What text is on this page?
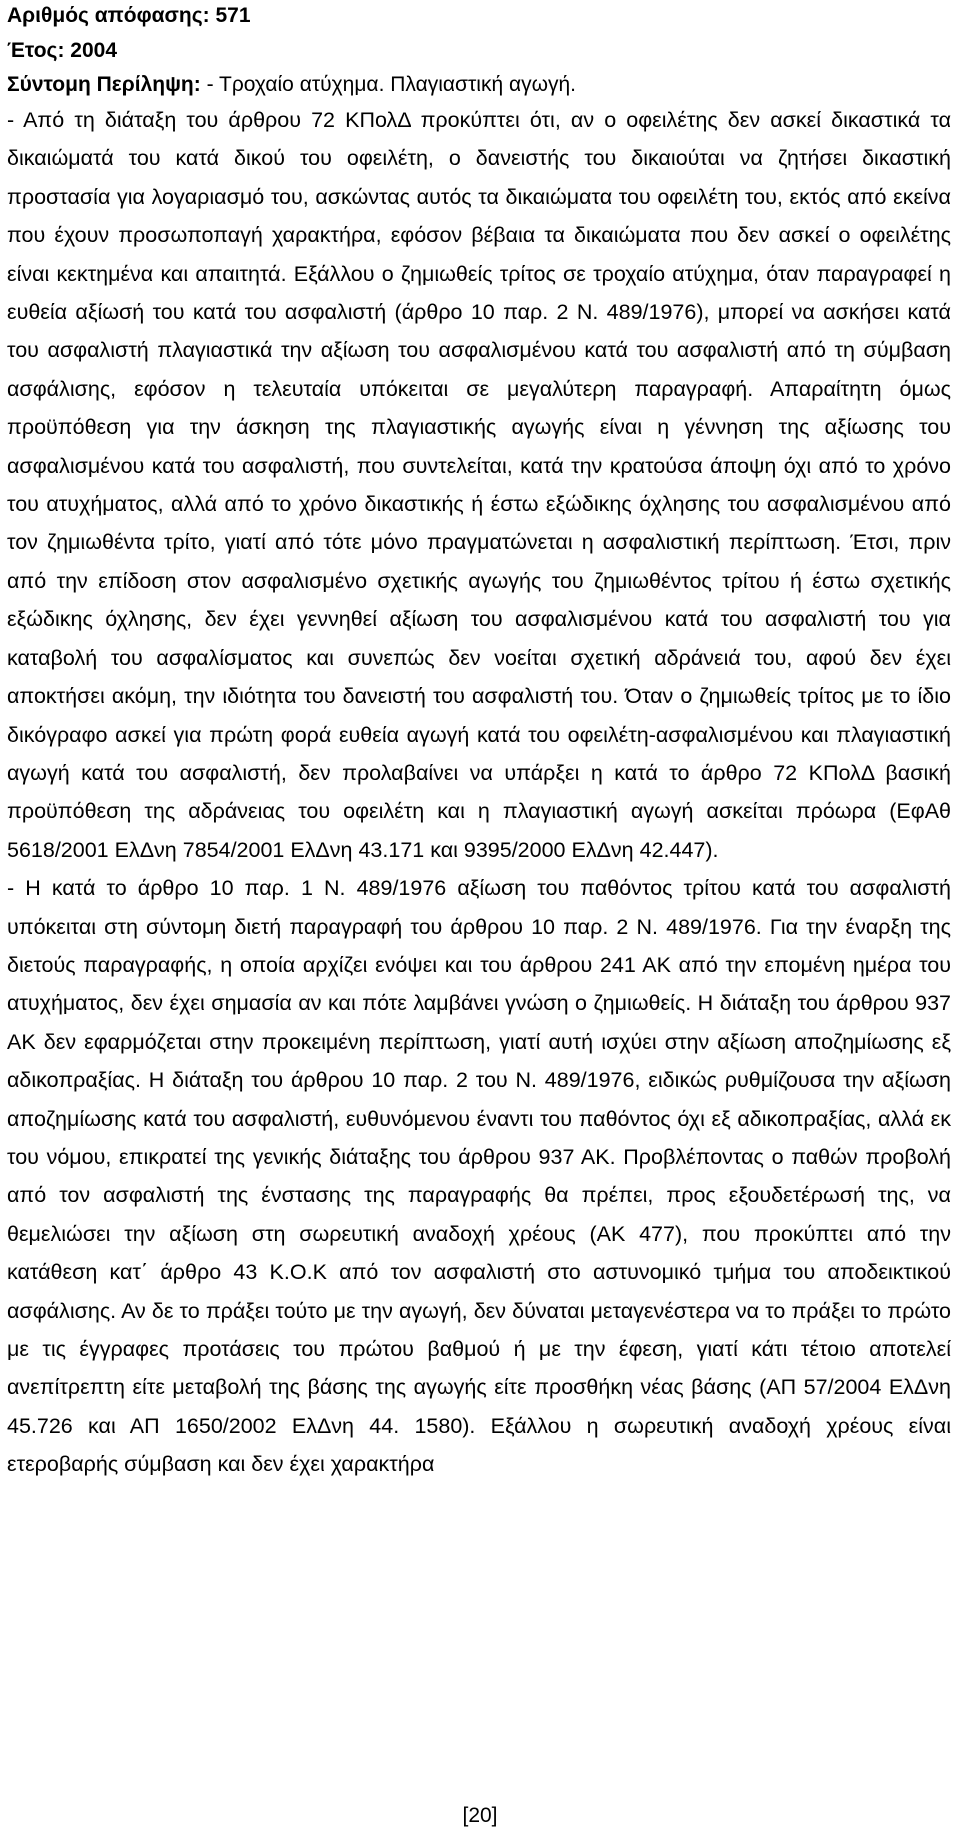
Αριθμός απόφασης: 571
Έτος: 2004
Σύντομη Περίληψη: - Τροχαίο ατύχημα. Πλαγιαστική αγωγή.

- Από τη διάταξη του άρθρου 72 ΚΠολΔ προκύπτει ότι, αν ο οφειλέτης δεν ασκεί δικαστικά τα δικαιώματά του κατά δικού του οφειλέτη, ο δανειστής του δικαιούται να ζητήσει δικαστική προστασία για λογαριασμό του, ασκώντας αυτός τα δικαιώματα του οφειλέτη του, εκτός από εκείνα που έχουν προσωποπαγή χαρακτήρα, εφόσον βέβαια τα δικαιώματα που δεν ασκεί ο οφειλέτης είναι κεκτημένα και απαιτητά. Εξάλλου ο ζημιωθείς τρίτος σε τροχαίο ατύχημα, όταν παραγραφεί η ευθεία αξίωσή του κατά του ασφαλιστή (άρθρο 10 παρ. 2 Ν. 489/1976), μπορεί να ασκήσει κατά του ασφαλιστή πλαγιαστικά την αξίωση του ασφαλισμένου κατά του ασφαλιστή από τη σύμβαση ασφάλισης, εφόσον η τελευταία υπόκειται σε μεγαλύτερη παραγραφή. Απαραίτητη όμως προϋπόθεση για την άσκηση της πλαγιαστικής αγωγής είναι η γέννηση της αξίωσης του ασφαλισμένου κατά του ασφαλιστή, που συντελείται, κατά την κρατούσα άποψη όχι από το χρόνο του ατυχήματος, αλλά από το χρόνο δικαστικής ή έστω εξώδικης όχλησης του ασφαλισμένου από τον ζημιωθέντα τρίτο, γιατί από τότε μόνο πραγματώνεται η ασφαλιστική περίπτωση. Έτσι, πριν από την επίδοση στον ασφαλισμένο σχετικής αγωγής του ζημιωθέντος τρίτου ή έστω σχετικής εξώδικης όχλησης, δεν έχει γεννηθεί αξίωση του ασφαλισμένου κατά του ασφαλιστή του για καταβολή του ασφαλίσματος και συνεπώς δεν νοείται σχετική αδράνειά του, αφού δεν έχει αποκτήσει ακόμη, την ιδιότητα του δανειστή του ασφαλιστή του. Όταν ο ζημιωθείς τρίτος με το ίδιο δικόγραφο ασκεί για πρώτη φορά ευθεία αγωγή κατά του οφειλέτη-ασφαλισμένου και πλαγιαστική αγωγή κατά του ασφαλιστή, δεν προλαβαίνει να υπάρξει η κατά το άρθρο 72 ΚΠολΔ βασική προϋπόθεση της αδράνειας του οφειλέτη και η πλαγιαστική αγωγή ασκείται πρόωρα (ΕφΑθ 5618/2001 ΕλΔνη 7854/2001 ΕλΔνη 43.171 και 9395/2000 ΕλΔνη 42.447).

- Η κατά το άρθρο 10 παρ. 1 Ν. 489/1976 αξίωση του παθόντος τρίτου κατά του ασφαλιστή υπόκειται στη σύντομη διετή παραγραφή του άρθρου 10 παρ. 2 Ν. 489/1976. Για την έναρξη της διετούς παραγραφής, η οποία αρχίζει ενόψει και του άρθρου 241 ΑΚ από την επομένη ημέρα του ατυχήματος, δεν έχει σημασία αν και πότε λαμβάνει γνώση ο ζημιωθείς. Η διάταξη του άρθρου 937 ΑΚ δεν εφαρμόζεται στην προκειμένη περίπτωση, γιατί αυτή ισχύει στην αξίωση αποζημίωσης εξ αδικοπραξίας. Η διάταξη του άρθρου 10 παρ. 2 του Ν. 489/1976, ειδικώς ρυθμίζουσα την αξίωση αποζημίωσης κατά του ασφαλιστή, ευθυνόμενου έναντι του παθόντος όχι εξ αδικοπραξίας, αλλά εκ του νόμου, επικρατεί της γενικής διάταξης του άρθρου 937 ΑΚ. Προβλέποντας ο παθών προβολή από τον ασφαλιστή της ένστασης της παραγραφής θα πρέπει, προς εξουδετέρωσή της, να θεμελιώσει την αξίωση στη σωρευτική αναδοχή χρέους (ΑΚ 477), που προκύπτει από την κατάθεση κατ΄ άρθρο 43 Κ.Ο.Κ από τον ασφαλιστή στο αστυνομικό τμήμα του αποδεικτικού ασφάλισης. Αν δε το πράξει τούτο με την αγωγή, δεν δύναται μεταγενέστερα να το πράξει το πρώτο με τις έγγραφες προτάσεις του πρώτου βαθμού ή με την έφεση, γιατί κάτι τέτοιο αποτελεί ανεπίτρεπτη είτε μεταβολή της βάσης της αγωγής είτε προσθήκη νέας βάσης (ΑΠ 57/2004 ΕλΔνη 45.726 και ΑΠ 1650/2002 ΕλΔνη 44. 1580). Εξάλλου η σωρευτική αναδοχή χρέους είναι ετεροβαρής σύμβαση και δεν έχει χαρακτήρα

[20]
